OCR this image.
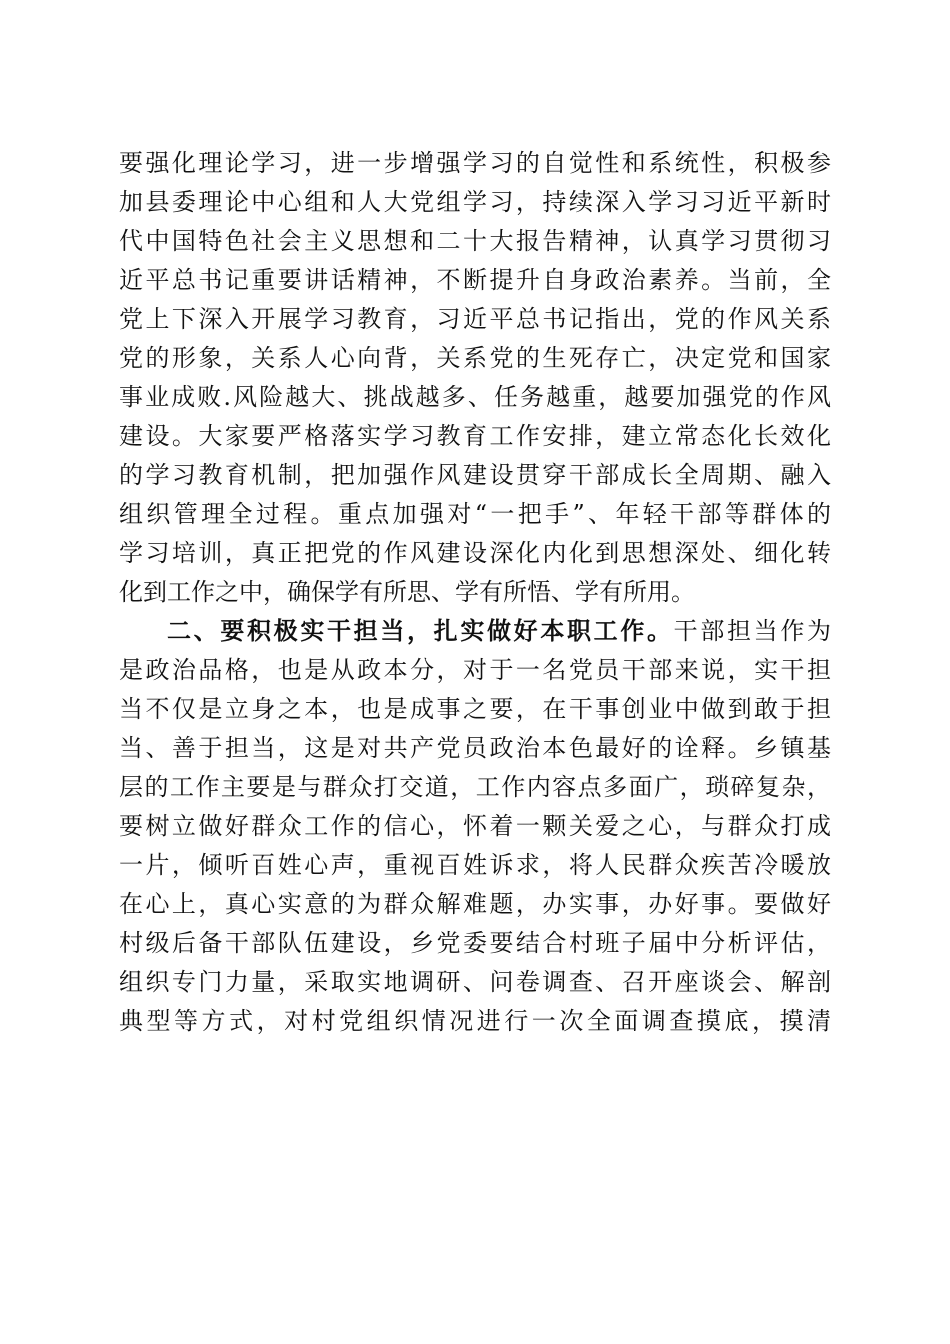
要强化理论学习，进一步增强学习的自觉性和系统性，积极参
加县委理论中心组和人大党组学习，持续深入学习习近平新时
代中国特色社会主义思想和二十大报告精神，认真学习贯彻习
近平总书记重要讲话精神，不断提升自身政治素养。当前，全
党上下深入开展学习教育，习近平总书记指出，党的作风关系
党的形象，关系人心向背，关系党的生死存亡，决定党和国家
事业成败.风险越大、挑战越多、任务越重，越要加强党的作风
建设。大家要严格落实学习教育工作安排，建立常态化长效化
的学习教育机制，把加强作风建设贯穿干部成长全周期、融入
组织管理全过程。重点加强对“一把手”、年轻干部等群体的
学习培训，真正把党的作风建设深化内化到思想深处、细化转
化到工作之中，确保学有所思、学有所悟、学有所用。
二、要积极实干担当，扎实做好本职工作。干部担当作为
是政治品格，也是从政本分，对于一名党员干部来说，实干担
当不仅是立身之本，也是成事之要，在干事创业中做到敢于担
当、善于担当，这是对共产党员政治本色最好的诠释。乡镇基
层的工作主要是与群众打交道，工作内容点多面广，琐碎复杂，
要树立做好群众工作的信心，怀着一颗关爱之心，与群众打成
一片，倾听百姓心声，重视百姓诉求，将人民群众疾苦冷暖放
在心上，真心实意的为群众解难题，办实事，办好事。要做好
村级后备干部队伍建设，乡党委要结合村班子届中分析评估，
组织专门力量，采取实地调研、问卷调查、召开座谈会、解剖
典型等方式，对村党组织情况进行一次全面调查摸底，摸清
